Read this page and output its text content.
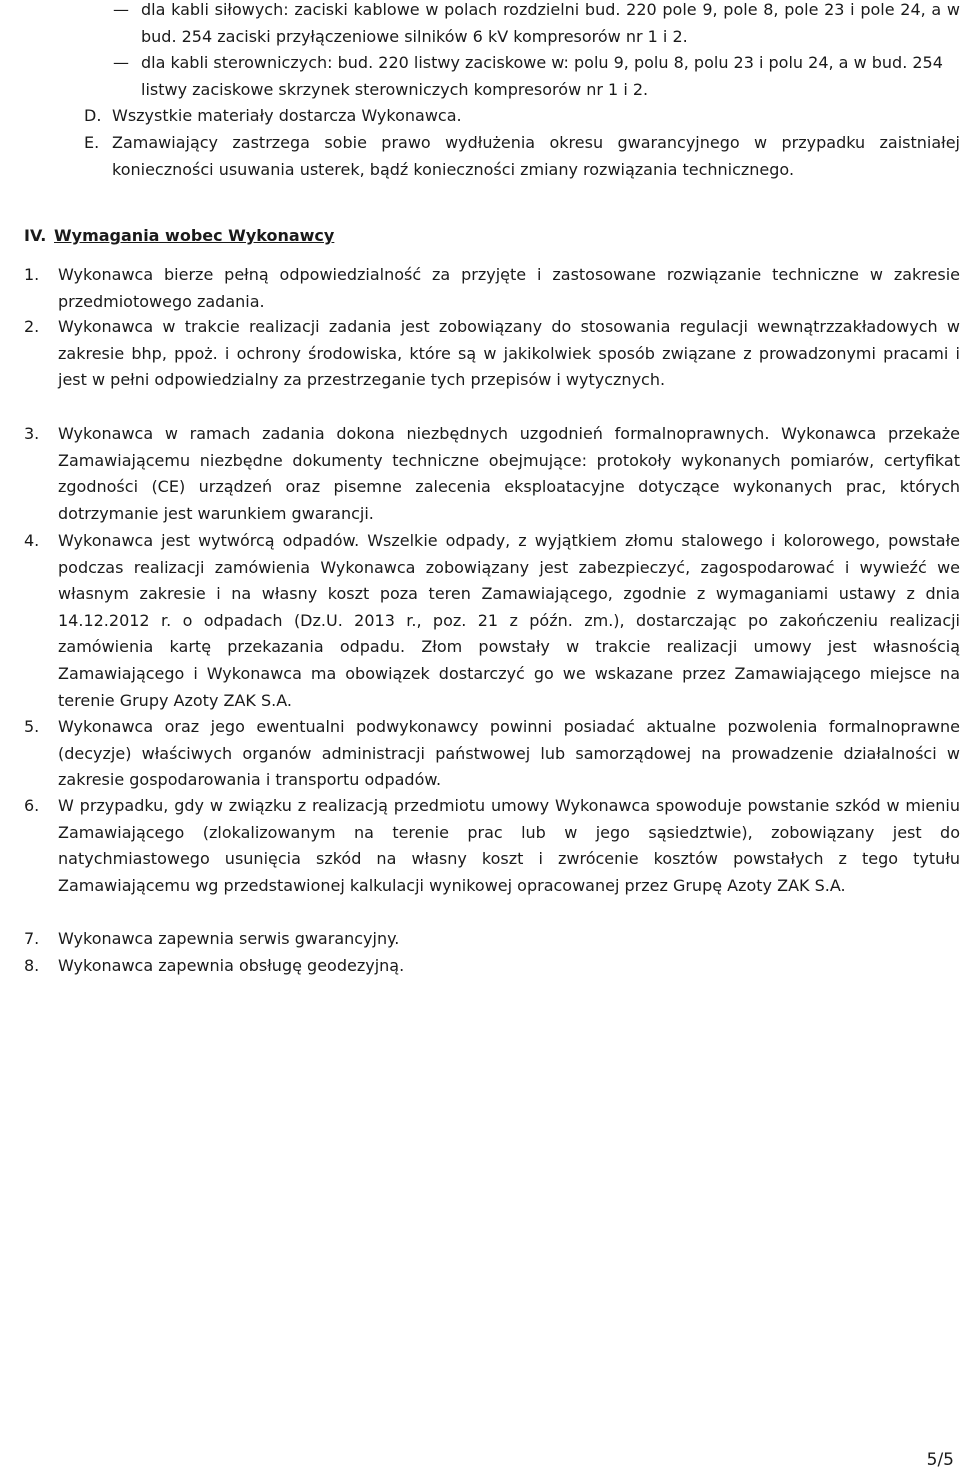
— dla kabli siłowych: zaciski kablowe w polach rozdzielni bud. 220 pole 9, pole 8, pole 23 i pole 24, a w bud. 254 zaciski przyłączeniowe silników 6 kV kompresorów nr 1 i 2.
— dla kabli sterowniczych: bud. 220 listwy zaciskowe w: polu 9, polu 8, polu 23 i polu 24, a w bud. 254 listwy zaciskowe skrzynek sterowniczych kompresorów nr 1 i 2.
D. Wszystkie materiały dostarcza Wykonawca.
E. Zamawiający zastrzega sobie prawo wydłużenia okresu gwarancyjnego w przypadku zaistniałej konieczności usuwania usterek, bądź konieczności zmiany rozwiązania technicznego.
IV. Wymagania wobec Wykonawcy
1.	Wykonawca bierze pełną odpowiedzialność za przyjęte i zastosowane rozwiązanie techniczne w zakresie przedmiotowego zadania.
2.	Wykonawca w trakcie realizacji zadania jest zobowiązany do stosowania regulacji wewnątrzzakładowych w zakresie bhp, ppoż. i ochrony środowiska, które są w jakikolwiek sposób związane z prowadzonymi pracami i jest w pełni odpowiedzialny za przestrzeganie tych przepisów i wytycznych.
3.	Wykonawca w ramach zadania dokona niezbędnych uzgodnień formalnoprawnych. Wykonawca przekaże Zamawiającemu niezbędne dokumenty techniczne obejmujące: protokoły wykonanych pomiarów, certyfikat zgodności (CE) urządzeń oraz pisemne zalecenia eksploatacyjne dotyczące wykonanych prac, których dotrzymanie jest warunkiem gwarancji.
4.	Wykonawca jest wytwórcą odpadów. Wszelkie odpady, z wyjątkiem złomu stalowego i kolorowego, powstałe podczas realizacji zamówienia Wykonawca zobowiązany jest zabezpieczyć, zagospodarować i wywieźć we własnym zakresie i na własny koszt poza teren Zamawiającego, zgodnie z wymaganiami ustawy z dnia 14.12.2012 r. o odpadach (Dz.U. 2013 r., poz. 21 z późn. zm.), dostarczając po zakończeniu realizacji zamówienia kartę przekazania odpadu. Złom powstały w trakcie realizacji umowy jest własnością Zamawiającego i Wykonawca ma obowiązek dostarczyć go we wskazane przez Zamawiającego miejsce na terenie Grupy Azoty ZAK S.A.
5.	Wykonawca oraz jego ewentualni podwykonawcy powinni posiadać aktualne pozwolenia formalnoprawne (decyzje) właściwych organów administracji państwowej lub samorządowej na prowadzenie działalności w zakresie gospodarowania i transportu odpadów.
6.	W przypadku, gdy w związku z realizacją przedmiotu umowy Wykonawca spowoduje powstanie szkód w mieniu Zamawiającego (zlokalizowanym na terenie prac lub w jego sąsiedztwie), zobowiązany jest do natychmiastowego usunięcia szkód na własny koszt i zwrócenie kosztów powstałych z tego tytułu Zamawiającemu wg przedstawionej kalkulacji wynikowej opracowanej przez Grupę Azoty ZAK S.A.
7.	Wykonawca zapewnia serwis gwarancyjny.
8.	Wykonawca zapewnia obsługę geodezyjną.
5/5
